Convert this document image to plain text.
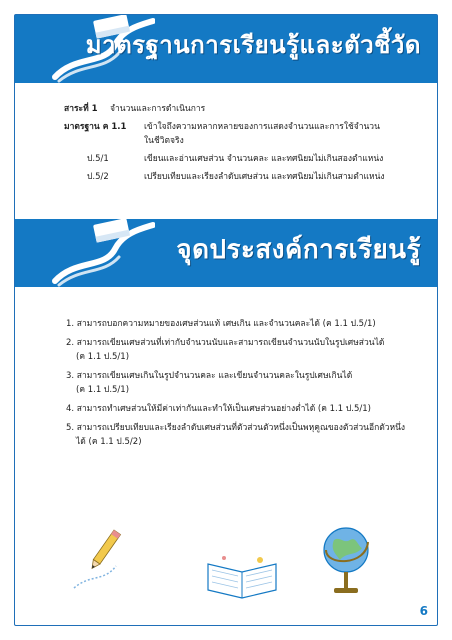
มาตรฐานการเรียนรู้และตัวชี้วัด
สาระที่ 1 จำนวนและการดำเนินการ
มาตรฐาน ค 1.1 เข้าใจถึงความหลากหลายของการแสดงจำนวนและการใช้จำนวน
ในชีวิตจริง
ป.5/1	เขียนและอ่านเศษส่วน จำนวนคละ และทศนิยมไม่เกินสองตำแหน่ง
ป.5/2	เปรียบเทียบและเรียงลำดับเศษส่วน และทศนิยมไม่เกินสามตำแหน่ง
จุดประสงค์การเรียนรู้
1. สามารถบอกความหมายของเศษส่วนแท้ เศษเกิน และจำนวนคละได้ (ค 1.1 ป.5/1)
2. สามารถเขียนเศษส่วนที่เท่ากับจำนวนนับและสามารถเขียนจำนวนนับในรูปเศษส่วนได้
(ค 1.1 ป.5/1)
3. สามารถเขียนเศษเกินในรูปจำนวนคละ และเขียนจำนวนคละในรูปเศษเกินได้
(ค 1.1 ป.5/1)
4. สามารถทำเศษส่วนให้มีค่าเท่ากันและทำให้เป็นเศษส่วนอย่างต่ำได้ (ค 1.1 ป.5/1)
5. สามารถเปรียบเทียบและเรียงลำดับเศษส่วนที่ตัวส่วนตัวหนึ่งเป็นพหุคูณของตัวส่วนอีกตัวหนึ่ง
ได้ (ค 1.1 ป.5/2)
6
